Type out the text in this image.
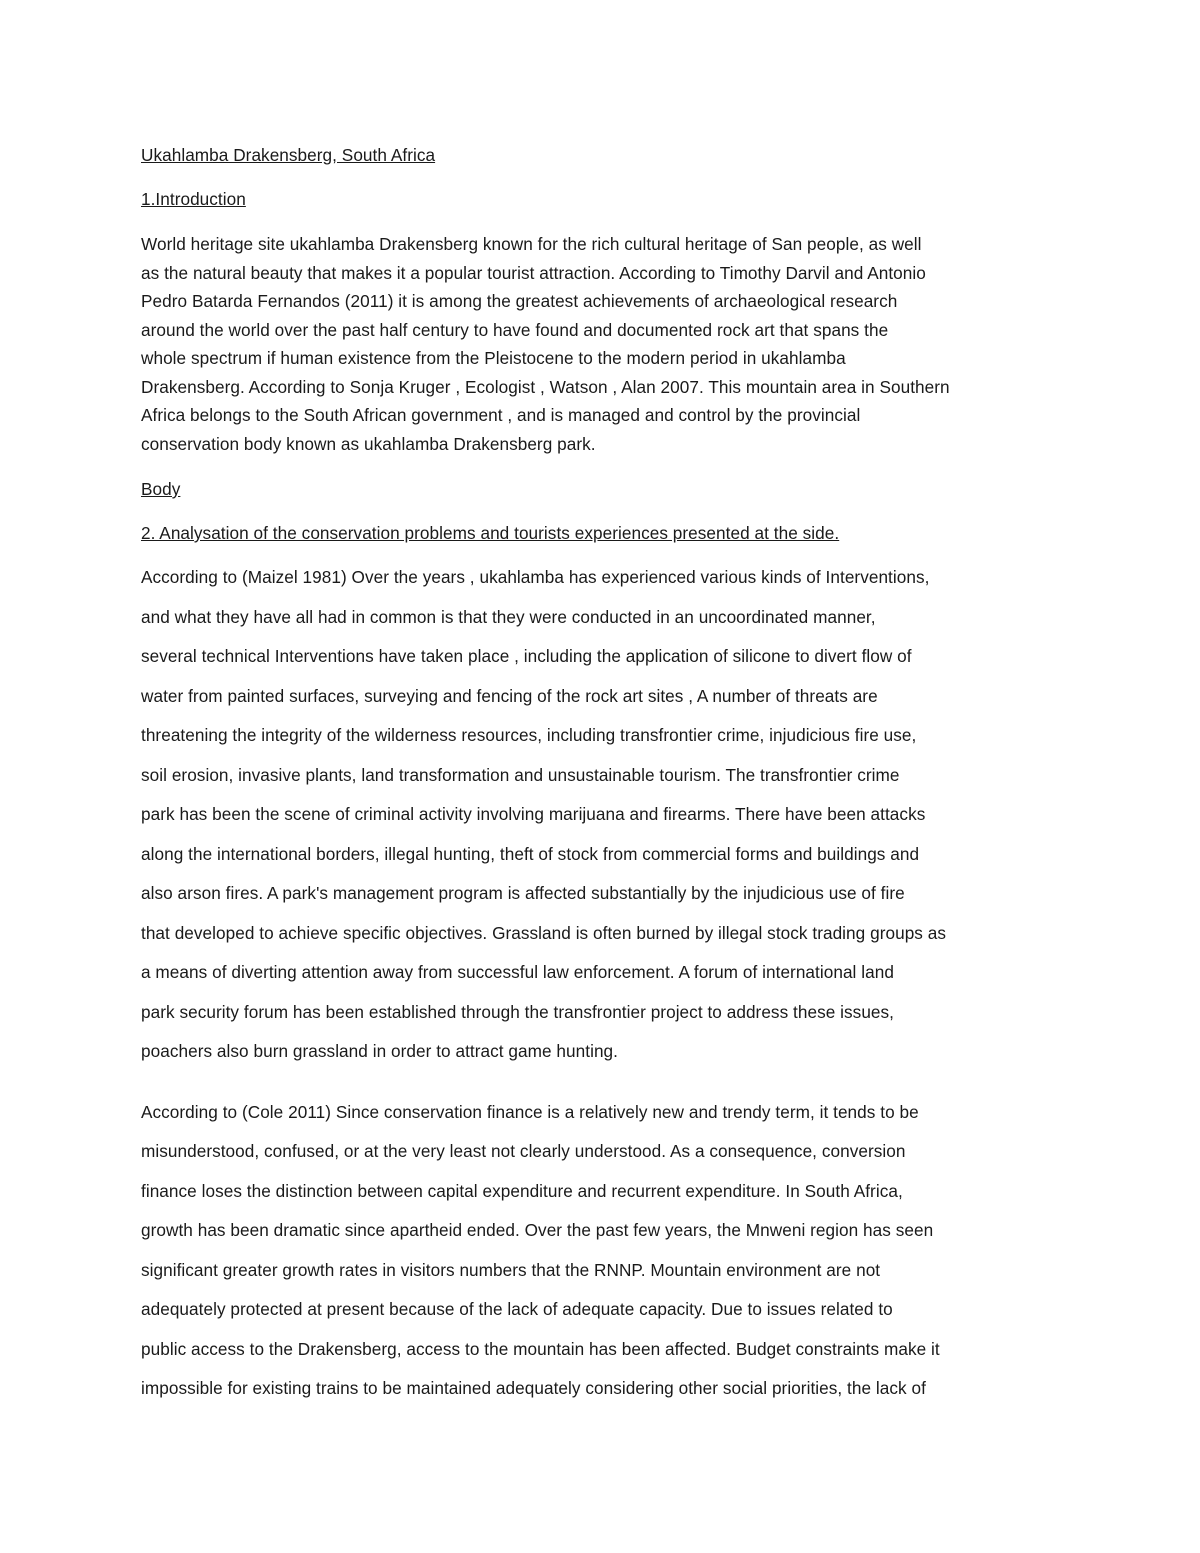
Ukahlamba Drakensberg, South Africa

1.Introduction

World heritage site ukahlamba Drakensberg known for the rich cultural heritage of San people, as well

as the natural beauty that makes it a popular tourist attraction. According to Timothy Darvil and Antonio

Pedro Batarda Fernandos (2011) it is among the greatest achievements of archaeological research

around the world over the past half century to have found and documented rock art that spans the

whole spectrum if human existence from the Pleistocene to the modern period in ukahlamba

Drakensberg. According to Sonja Kruger , Ecologist , Watson , Alan 2007. This mountain area in Southern

Africa belongs to the South African government , and is managed and control by the provincial

conservation body known as ukahlamba Drakensberg park.

Body

2. Analysation of the conservation problems and tourists experiences presented at the side.

According to (Maizel 1981) Over the years , ukahlamba has experienced various kinds of Interventions,

and what they have all had in common is that they were conducted in an uncoordinated manner,

several technical Interventions have taken place , including the application of silicone to divert flow of

water from painted surfaces, surveying and fencing of the rock art sites , A number of threats are

threatening the integrity of the wilderness resources, including transfrontier crime, injudicious fire use,

soil erosion, invasive plants, land transformation and unsustainable tourism. The transfrontier crime

park has been the scene of criminal activity involving marijuana and firearms. There have been attacks

along the international borders, illegal hunting, theft of stock from commercial forms and buildings and

also arson fires. A park's management program is affected substantially by the injudicious use of fire

that developed to achieve specific objectives. Grassland is often burned by illegal stock trading groups as

a means of diverting attention away from successful law enforcement. A forum of international land

park security forum has been established through the transfrontier project to address these issues,

poachers also burn grassland in order to attract game hunting.

According to (Cole 2011) Since conservation finance is a relatively new and trendy term, it tends to be

misunderstood, confused, or at the very least not clearly understood. As a consequence, conversion

finance loses the distinction between capital expenditure and recurrent expenditure. In South Africa,

growth has been dramatic since apartheid ended. Over the past few years, the Mnweni region has seen

significant greater growth rates in visitors numbers that the RNNP. Mountain environment are not

adequately protected at present because of the lack of adequate capacity. Due to issues related to

public access to the Drakensberg, access to the mountain has been affected. Budget constraints make it

impossible for existing trains to be maintained adequately considering other social priorities, the lack of
